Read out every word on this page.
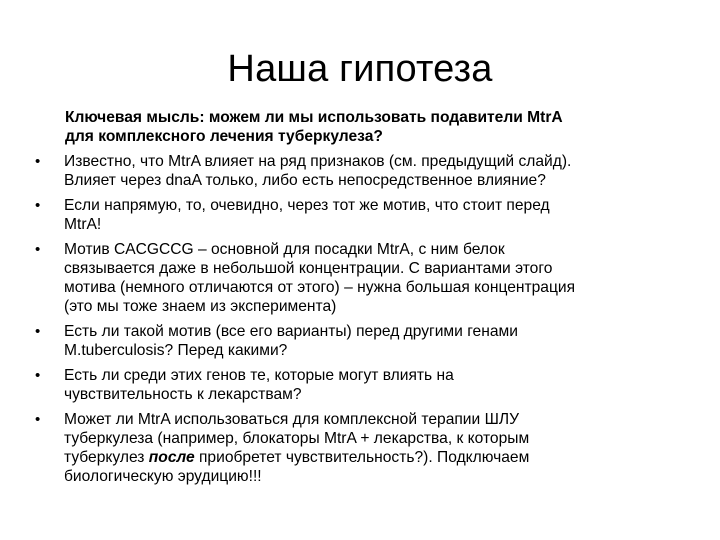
Наша гипотеза
Ключевая мысль: можем ли мы использовать подавители MtrA
для комплексного лечения туберкулеза?
• Известно, что MtrA влияет на ряд признаков (см. предыдущий слайд).
Влияет через dnaA только, либо есть непосредственное влияние?
• Если напрямую, то, очевидно, через тот же мотив, что стоит перед
MtrA!
• Мотив CACGCCG – основной для посадки MtrA, с ним белок
связывается даже в небольшой концентрации. С вариантами этого
мотива (немного отличаются от этого) – нужна большая концентрация
(это мы тоже знаем из эксперимента)
• Есть ли такой мотив (все его варианты) перед другими генами
M.tuberculosis? Перед какими?
• Есть ли среди этих генов те, которые могут влиять на
чувствительность к лекарствам?
• Может ли MtrA использоваться для комплексной терапии ШЛУ
туберкулеза (например, блокаторы MtrA + лекарства, к которым
туберкулез после приобретет чувствительность?). Подключаем
биологическую эрудицию!!!
